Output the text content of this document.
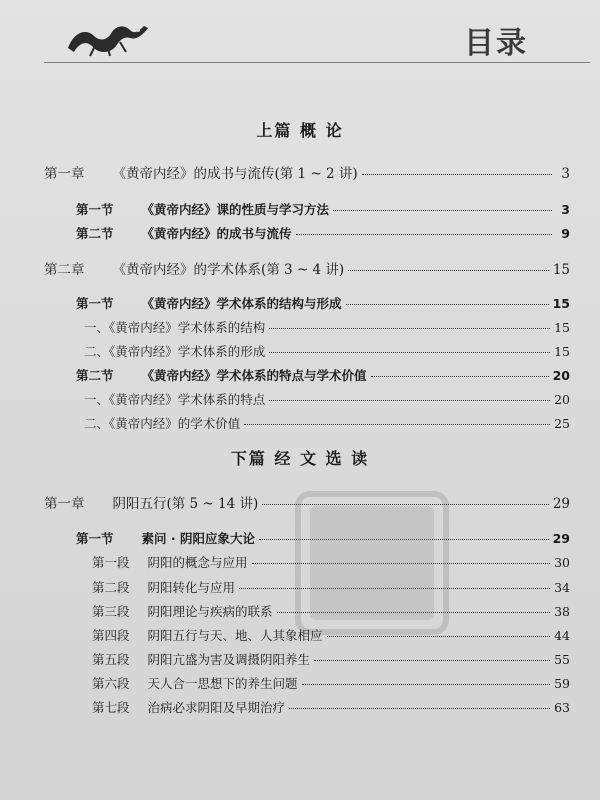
目录
上篇 概 论
第一章 《黄帝内经》的成书与流传(第 1 ~ 2 讲)	3
第一节 《黄帝内经》课的性质与学习方法	3
第二节 《黄帝内经》的成书与流传	9
第二章 《黄帝内经》的学术体系(第 3 ~ 4 讲)	15
第一节 《黄帝内经》学术体系的结构与形成	15
一、《黄帝内经》学术体系的结构	15
二、《黄帝内经》学术体系的形成	15
第二节 《黄帝内经》学术体系的特点与学术价值	20
一、《黄帝内经》学术体系的特点	20
二、《黄帝内经》的学术价值	25
下篇 经 文 选 读
第一章 阴阳五行(第 5 ~ 14 讲)	29
第一节 素问 · 阴阳应象大论	29
第一段 阴阳的概念与应用	30
第二段 阴阳转化与应用	34
第三段 阴阳理论与疾病的联系	38
第四段 阴阳五行与天、地、人其象相应	44
第五段 阴阳亢盛为害及调摄阴阳养生	55
第六段 天人合一思想下的养生问题	59
第七段 治病必求阴阳及早期治疗	63
